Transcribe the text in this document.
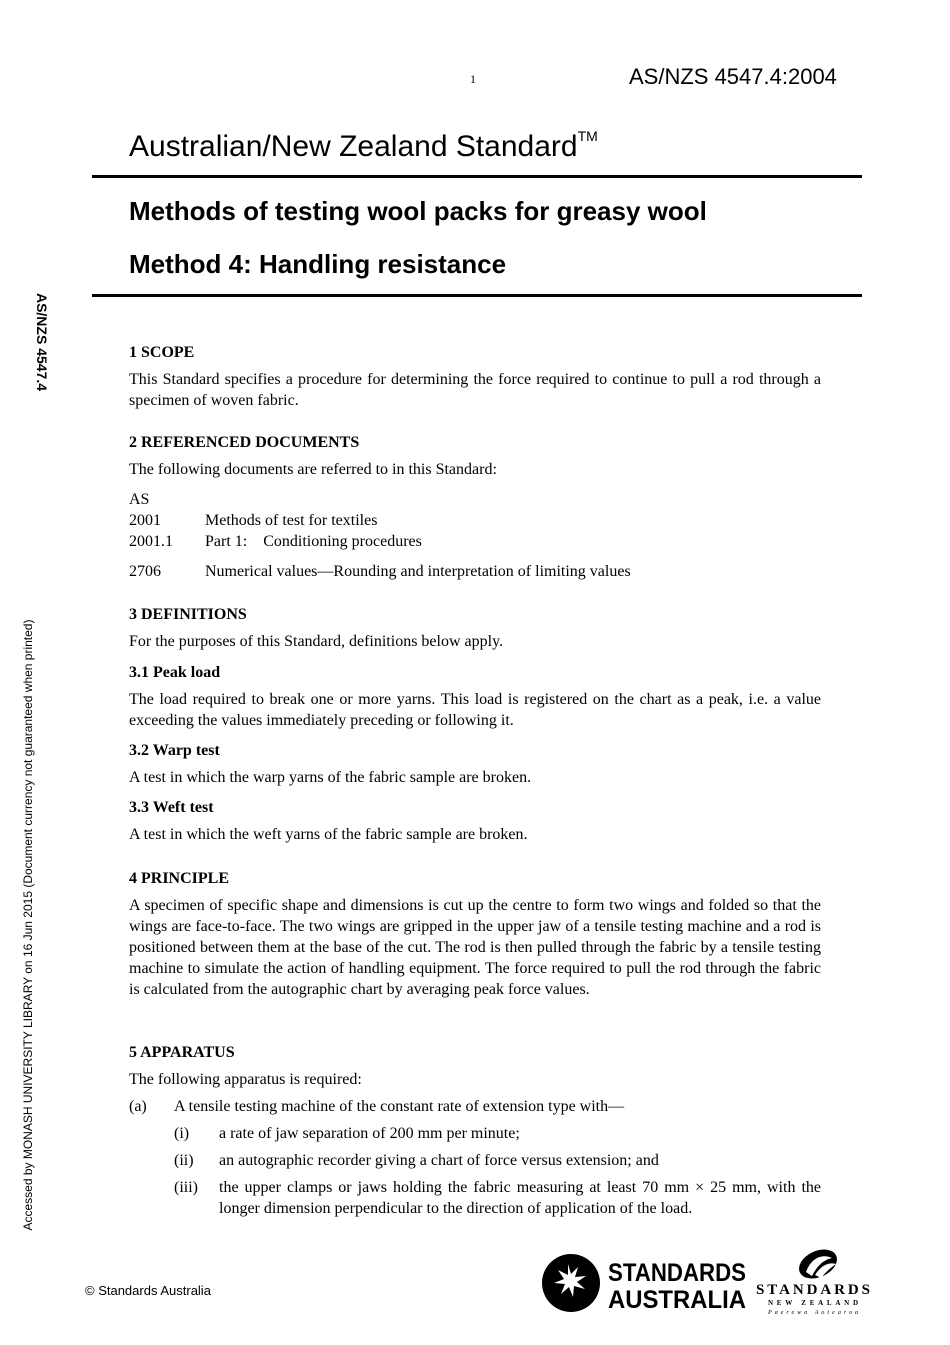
1	AS/NZS 4547.4:2004
Australian/New Zealand Standard™
Methods of testing wool packs for greasy wool
Method 4: Handling resistance
AS/NZS 4547.4
Accessed by MONASH UNIVERSITY LIBRARY on 16 Jun 2015 (Document currency not guaranteed when printed)
1 SCOPE
This Standard specifies a procedure for determining the force required to continue to pull a rod through a specimen of woven fabric.
2 REFERENCED DOCUMENTS
The following documents are referred to in this Standard:
AS
2001	Methods of test for textiles
2001.1	Part 1:    Conditioning procedures
2706	Numerical values—Rounding and interpretation of limiting values
3 DEFINITIONS
For the purposes of this Standard, definitions below apply.
3.1 Peak load
The load required to break one or more yarns. This load is registered on the chart as a peak, i.e. a value exceeding the values immediately preceding or following it.
3.2 Warp test
A test in which the warp yarns of the fabric sample are broken.
3.3 Weft test
A test in which the weft yarns of the fabric sample are broken.
4 PRINCIPLE
A specimen of specific shape and dimensions is cut up the centre to form two wings and folded so that the wings are face-to-face. The two wings are gripped in the upper jaw of a tensile testing machine and a rod is positioned between them at the base of the cut. The rod is then pulled through the fabric by a tensile testing machine to simulate the action of handling equipment. The force required to pull the rod through the fabric is calculated from the autographic chart by averaging peak force values.
5 APPARATUS
The following apparatus is required:
(a)	A tensile testing machine of the constant rate of extension type with—
(i)	a rate of jaw separation of 200 mm per minute;
(ii)	an autographic recorder giving a chart of force versus extension; and
(iii)	the upper clamps or jaws holding the fabric measuring at least 70 mm × 25 mm, with the longer dimension perpendicular to the direction of application of the load.
© Standards Australia
STANDARDS
AUSTRALIA STANDARDS
NEW ZEALAND
Paerewa Aotearoa
